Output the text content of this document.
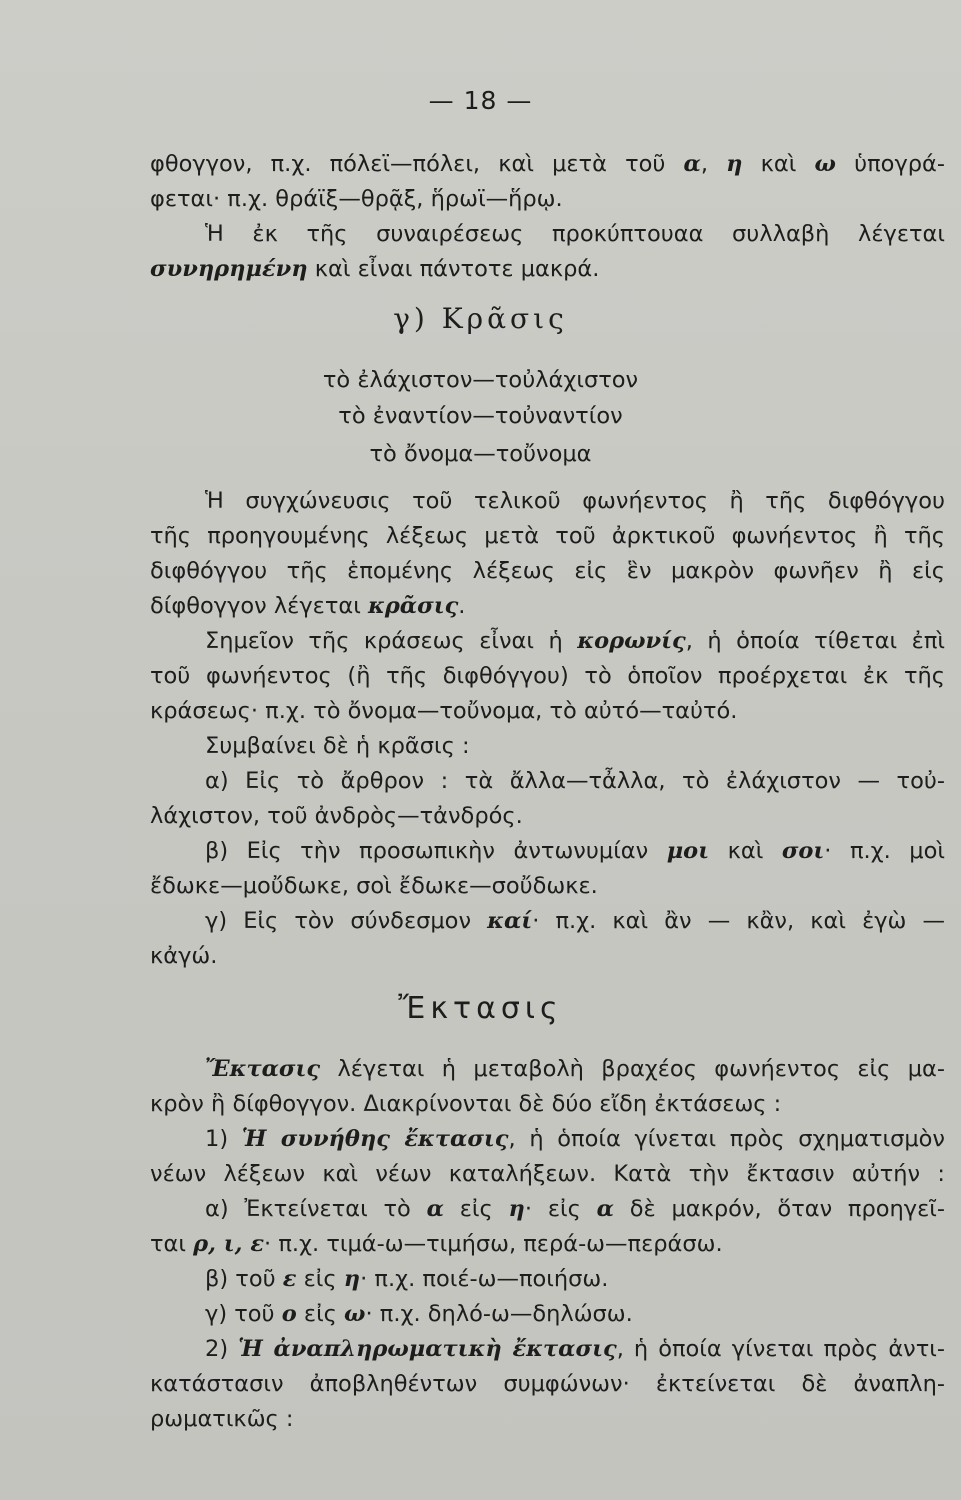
— 18 —
φθογγον, π.χ. πόλεϊ—πόλει, καὶ μετὰ τοῦ α, η καὶ ω ὑπογρά-
φεται· π.χ. θράϊξ—θρᾷξ, ἥρωϊ—ἥρῳ.
Ἡ ἐκ τῆς συναιρέσεως προκύπτουαα συλλαβὴ λέγεται
συνηρημένη καὶ εἶναι πάντοτε μακρά.
γ) Κρᾶσις
τὸ ἐλάχιστον—τοὐλάχιστον
τὸ ἐναντίον—τοὐναντίον
τὸ ὄνομα—τοὔνομα
Ἡ συγχώνευσις τοῦ τελικοῦ φωνήεντος ἢ τῆς διφθόγγου
τῆς προηγουμένης λέξεως μετὰ τοῦ ἀρκτικοῦ φωνήεντος ἢ τῆς
διφθόγγου τῆς ἑπομένης λέξεως εἰς ἓν μακρὸν φωνῆεν ἢ εἰς
δίφθογγον λέγεται κρᾶσις.
Σημεῖον τῆς κράσεως εἶναι ἡ κορωνίς, ἡ ὁποία τίθεται ἐπὶ
τοῦ φωνήεντος (ἢ τῆς διφθόγγου) τὸ ὁποῖον προέρχεται ἐκ τῆς
κράσεως· π.χ. τὸ ὄνομα—τοὔνομα, τὸ αὐτό—ταὐτό.
Συμβαίνει δὲ ἡ κρᾶσις :
α) Εἰς τὸ ἄρθρον : τὰ ἄλλα—τἆλλα, τὸ ἐλάχιστον — τοὐ-
λάχιστον, τοῦ ἀνδρὸς—τἀνδρός.
β) Εἰς τὴν προσωπικὴν ἀντωνυμίαν μοι καὶ σοι· π.χ. μοὶ
ἔδωκε—μοὔδωκε, σοὶ ἔδωκε—σοὔδωκε.
γ) Εἰς τὸν σύνδεσμον καί· π.χ. καὶ ἂν — κἂν, καὶ ἐγὼ —
κἀγώ.
Ἔκτασις
Ἔκτασις λέγεται ἡ μεταβολὴ βραχέος φωνήεντος εἰς μα-
κρὸν ἢ δίφθογγον. Διακρίνονται δὲ δύο εἴδη ἐκτάσεως :
1) Ἡ συνήθης ἔκτασις, ἡ ὁποία γίνεται πρὸς σχηματισμὸν
νέων λέξεων καὶ νέων καταλήξεων. Κατὰ τὴν ἔκτασιν αὐτήν :
α) Ἐκτείνεται τὸ α εἰς η· εἰς α δὲ μακρόν, ὅταν προηγεῖ-
ται ρ, ι, ε· π.χ. τιμά-ω—τιμήσω, περά-ω—περάσω.
β) τοῦ ε εἰς η· π.χ. ποιέ-ω—ποιήσω.
γ) τοῦ ο εἰς ω· π.χ. δηλό-ω—δηλώσω.
2) Ἡ ἀναπληρωματικὴ ἔκτασις, ἡ ὁποία γίνεται πρὸς ἀντι-
κατάστασιν ἀποβληθέντων συμφώνων· ἐκτείνεται δὲ ἀναπλη-
ρωματικῶς :
